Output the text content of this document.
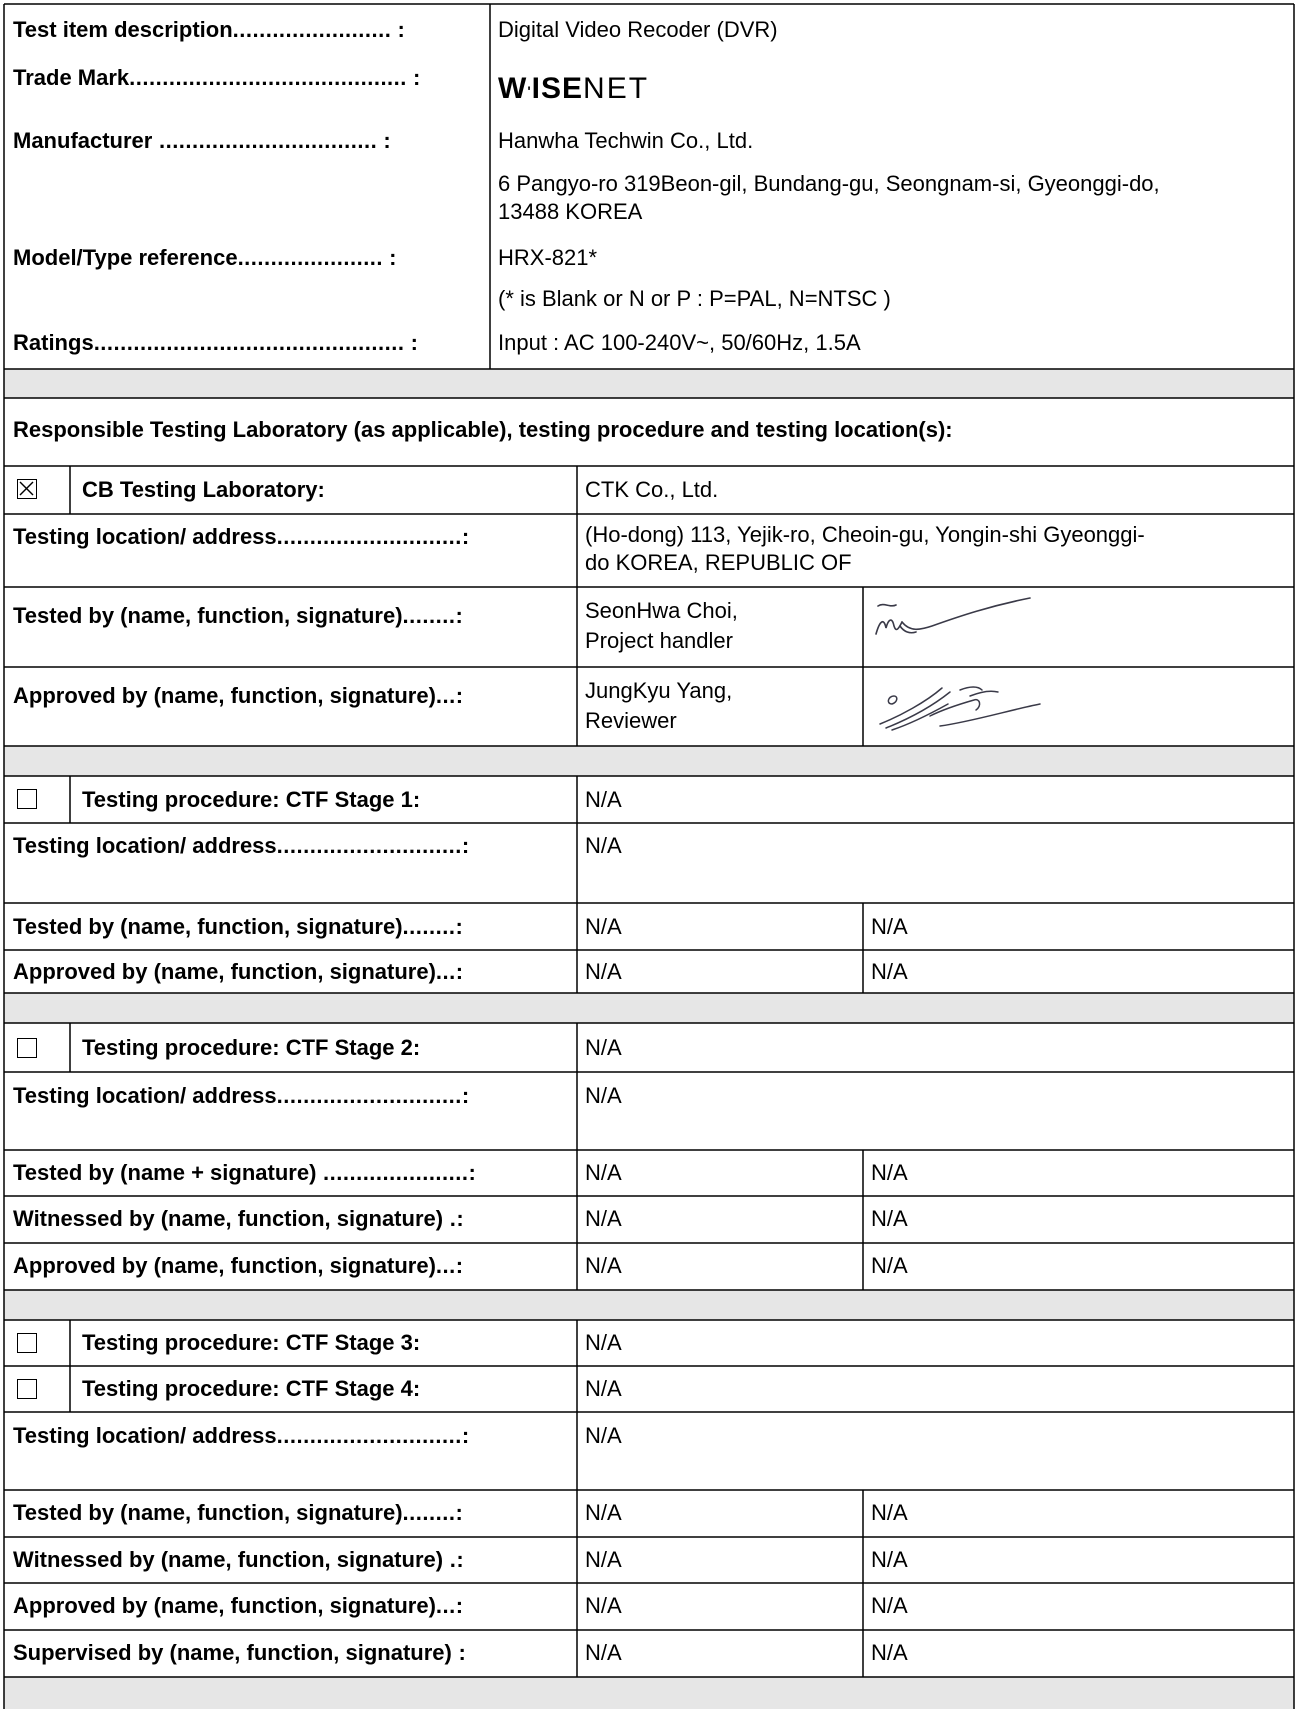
Test item description........................ :	Digital Video Recoder (DVR)
Trade Mark.......................................... :	W'ISENET
Manufacturer ................................. :	Hanwha Techwin Co., Ltd.
6 Pangyo-ro 319Beon-gil, Bundang-gu, Seongnam-si, Gyeonggi-do,
13488 KOREA
Model/Type reference...................... :	HRX-821*
(* is Blank or N or P : P=PAL, N=NTSC )
Ratings............................................... :	Input : AC 100-240V~, 50/60Hz, 1.5A
Responsible Testing Laboratory (as applicable), testing procedure and testing location(s):
CB Testing Laboratory:	CTK Co., Ltd.
Testing location/ address............................:	(Ho-dong) 113, Yejik-ro, Cheoin-gu, Yongin-shi Gyeonggi-
do KOREA, REPUBLIC OF
Tested by (name, function, signature)........:	SeonHwa Choi,
Project handler
Approved by (name, function, signature)...:	JungKyu Yang,
Reviewer
Testing procedure: CTF Stage 1:	N/A
Testing location/ address............................:	N/A
Tested by (name, function, signature)........:	N/A	N/A
Approved by (name, function, signature)...:	N/A	N/A
Testing procedure: CTF Stage 2:	N/A
Testing location/ address............................:	N/A
Tested by (name + signature) ......................:	N/A	N/A
Witnessed by (name, function, signature) .:	N/A	N/A
Approved by (name, function, signature)...:	N/A	N/A
Testing procedure: CTF Stage 3:	N/A
Testing procedure: CTF Stage 4:	N/A
Testing location/ address............................:	N/A
Tested by (name, function, signature)........:	N/A	N/A
Witnessed by (name, function, signature) .:	N/A	N/A
Approved by (name, function, signature)...:	N/A	N/A
Supervised by (name, function, signature) :	N/A	N/A
